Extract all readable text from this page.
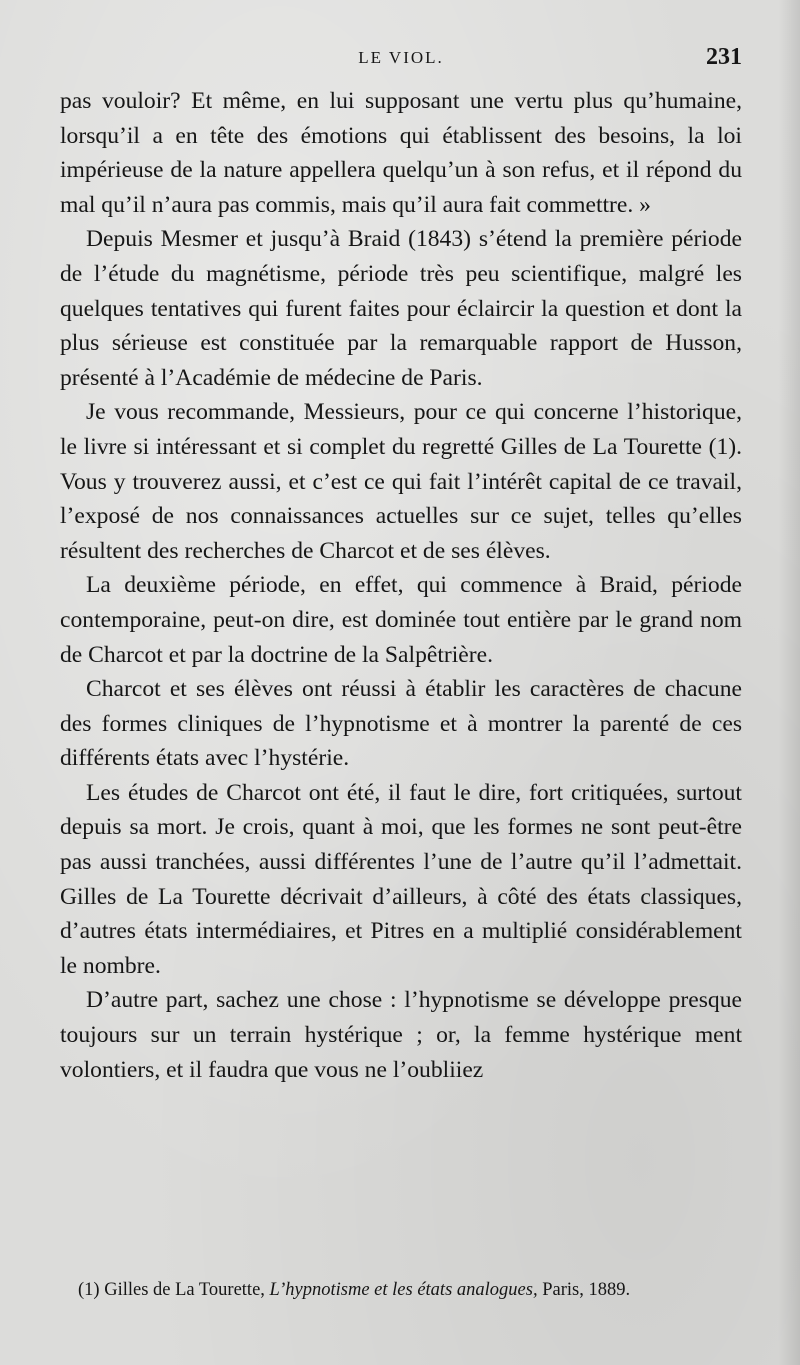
LE VIOL.	231

pas vouloir? Et même, en lui supposant une vertu plus qu’humaine, lorsqu’il a en tête des émotions qui établissent des besoins, la loi impérieuse de la nature appellera quelqu’un à son refus, et il répond du mal qu’il n’aura pas commis, mais qu’il aura fait commettre. »

Depuis Mesmer et jusqu’à Braid (1843) s’étend la première période de l’étude du magnétisme, période très peu scientifique, malgré les quelques tentatives qui furent faites pour éclaircir la question et dont la plus sérieuse est constituée par la remarquable rapport de Husson, présenté à l’Académie de médecine de Paris.

Je vous recommande, Messieurs, pour ce qui concerne l’historique, le livre si intéressant et si complet du regretté Gilles de La Tourette (1). Vous y trouverez aussi, et c’est ce qui fait l’intérêt capital de ce travail, l’exposé de nos connaissances actuelles sur ce sujet, telles qu’elles résultent des recherches de Charcot et de ses élèves.

La deuxième période, en effet, qui commence à Braid, période contemporaine, peut-on dire, est dominée tout entière par le grand nom de Charcot et par la doctrine de la Salpêtrière.

Charcot et ses élèves ont réussi à établir les caractères de chacune des formes cliniques de l’hypnotisme et à montrer la parenté de ces différents états avec l’hystérie.

Les études de Charcot ont été, il faut le dire, fort critiquées, surtout depuis sa mort. Je crois, quant à moi, que les formes ne sont peut-être pas aussi tranchées, aussi différentes l’une de l’autre qu’il l’admettait. Gilles de La Tourette décrivait d’ailleurs, à côté des états classiques, d’autres états intermédiaires, et Pitres en a multiplié considérablement le nombre.

D’autre part, sachez une chose : l’hypnotisme se développe presque toujours sur un terrain hystérique ; or, la femme hystérique ment volontiers, et il faudra que vous ne l’oubliiez

(1) Gilles de La Tourette, L’hypnotisme et les états analogues, Paris, 1889.
